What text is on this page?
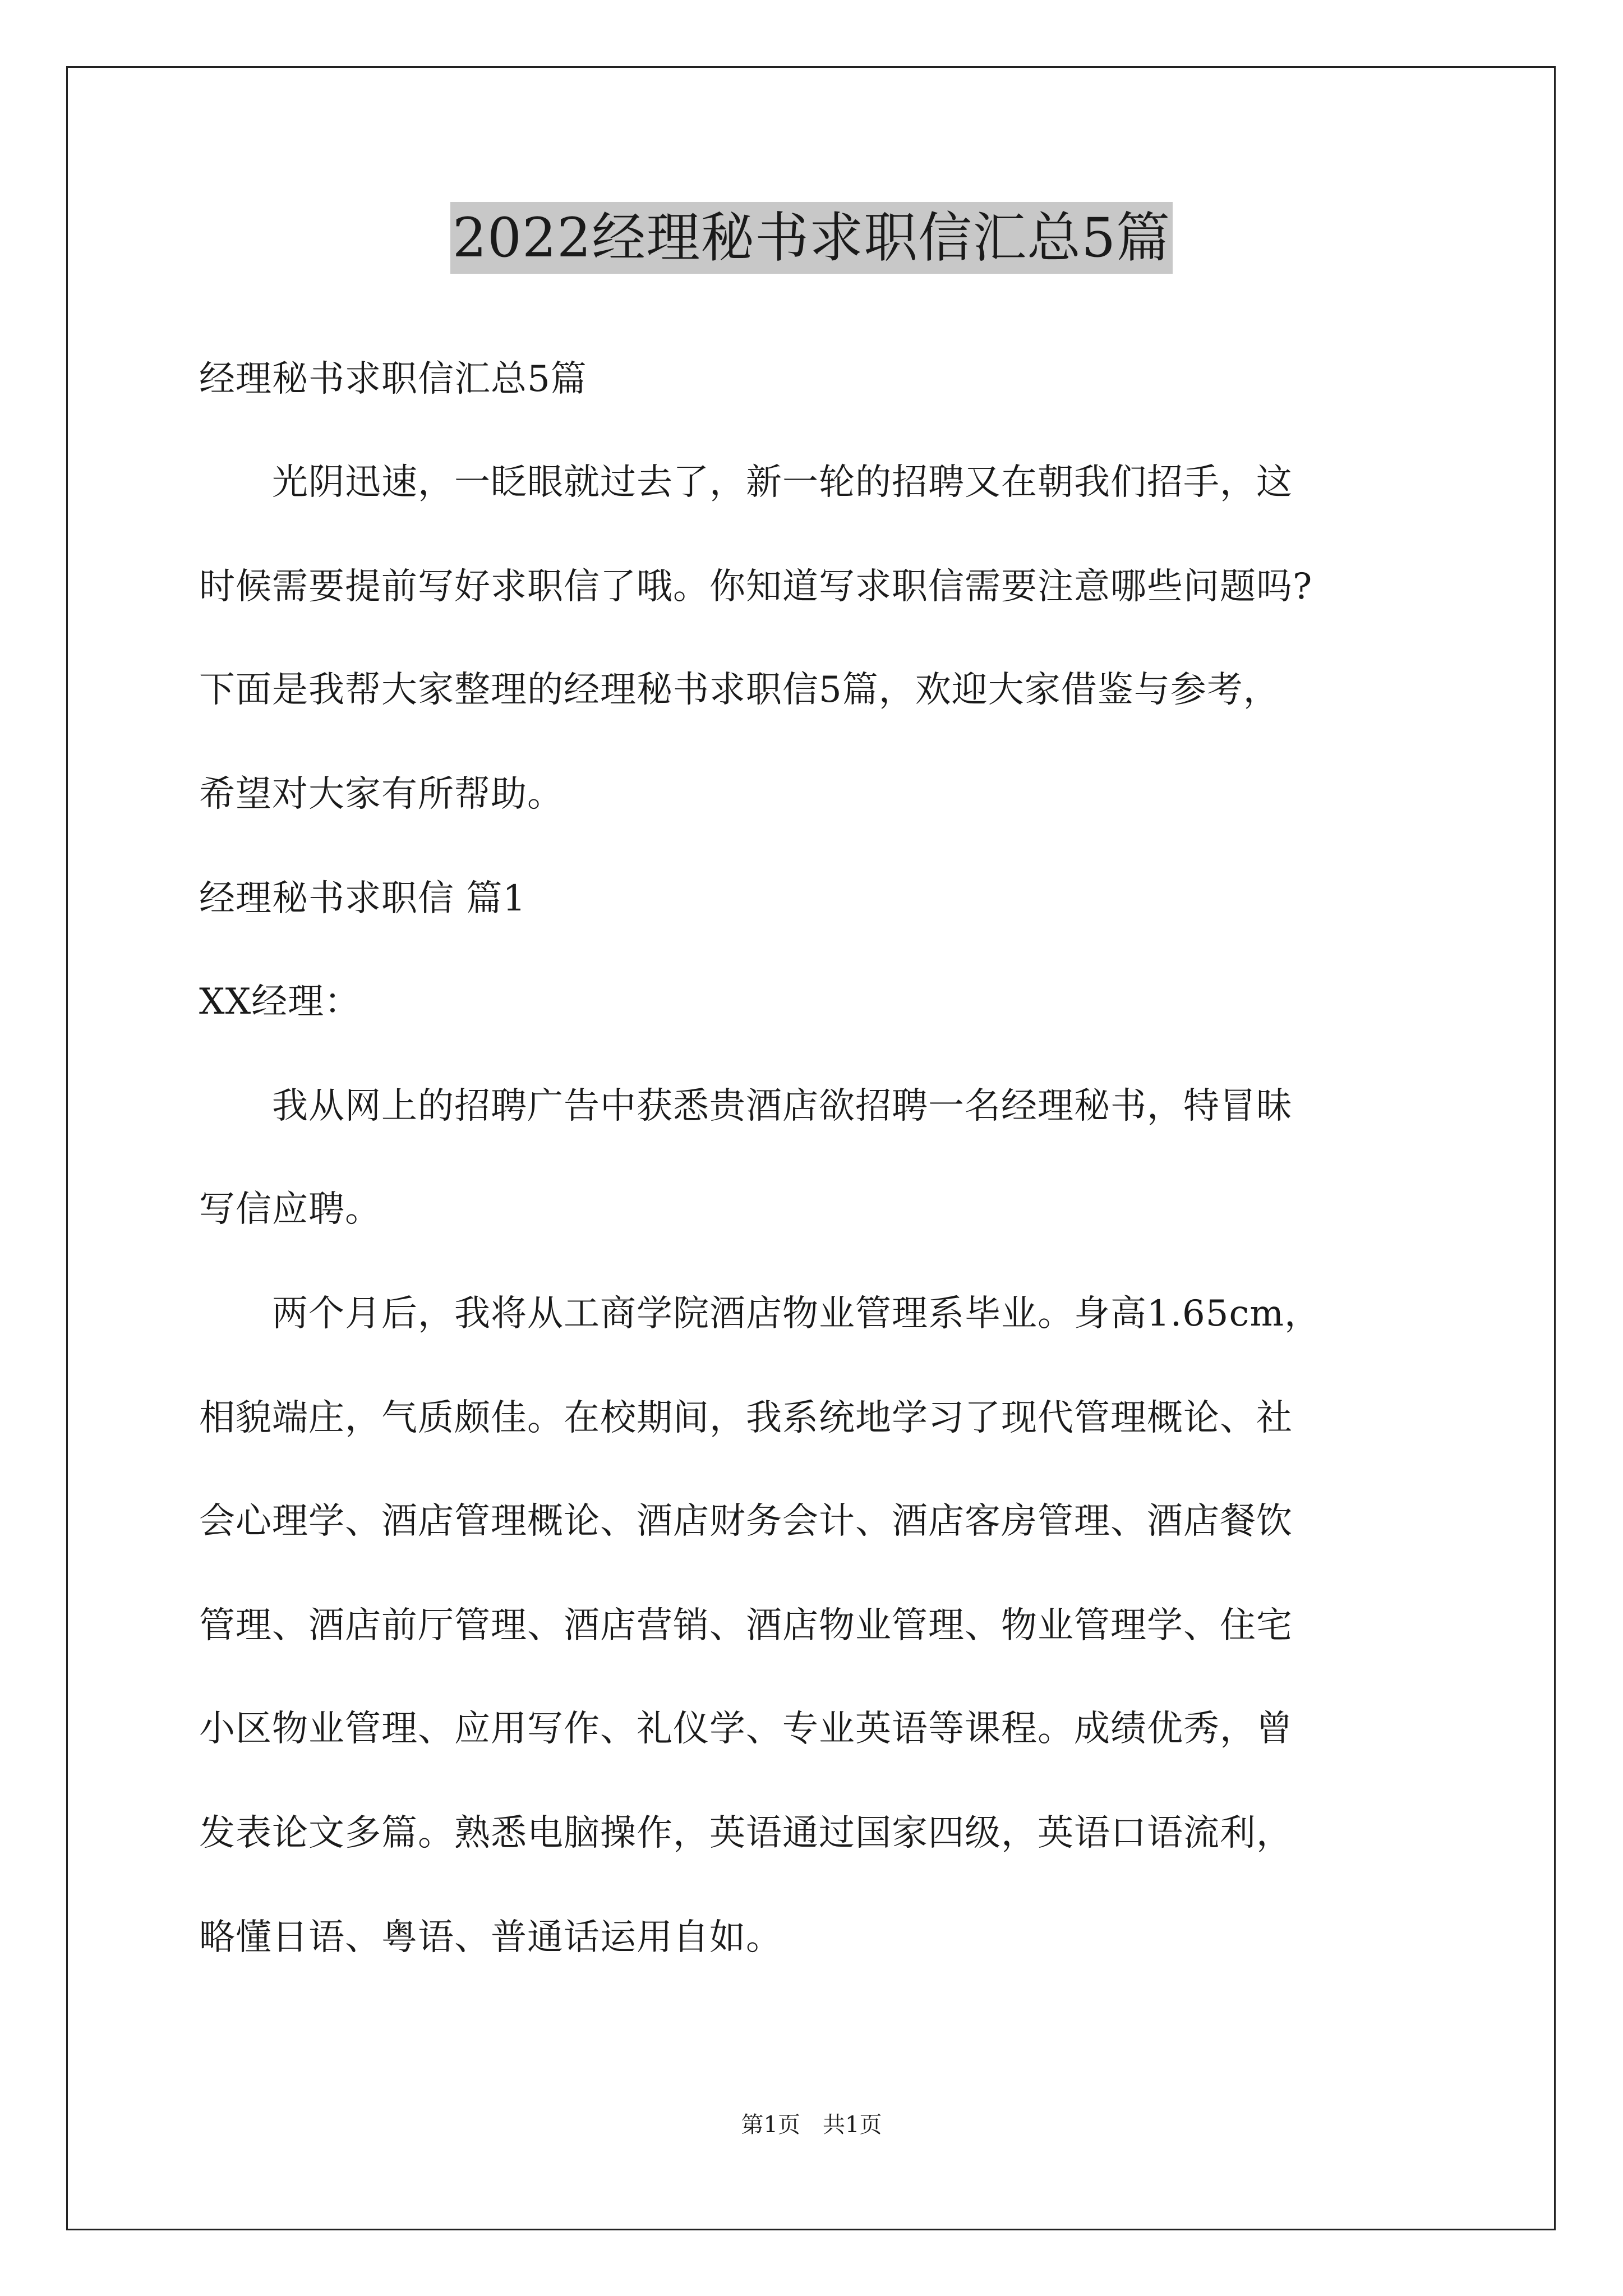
2022经理秘书求职信汇总5篇
经理秘书求职信汇总5篇
　　光阴迅速，一眨眼就过去了，新一轮的招聘又在朝我们招手，这
时候需要提前写好求职信了哦。你知道写求职信需要注意哪些问题吗?
下面是我帮大家整理的经理秘书求职信5篇，欢迎大家借鉴与参考，
希望对大家有所帮助。
经理秘书求职信 篇1
XX经理：
　　我从网上的招聘广告中获悉贵酒店欲招聘一名经理秘书，特冒昧
写信应聘。
　　两个月后，我将从工商学院酒店物业管理系毕业。身高1.65cm，
相貌端庄，气质颇佳。在校期间，我系统地学习了现代管理概论、社
会心理学、酒店管理概论、酒店财务会计、酒店客房管理、酒店餐饮
管理、酒店前厅管理、酒店营销、酒店物业管理、物业管理学、住宅
小区物业管理、应用写作、礼仪学、专业英语等课程。成绩优秀，曾
发表论文多篇。熟悉电脑操作，英语通过国家四级，英语口语流利，
略懂日语、粤语、普通话运用自如。
第1页　共1页
